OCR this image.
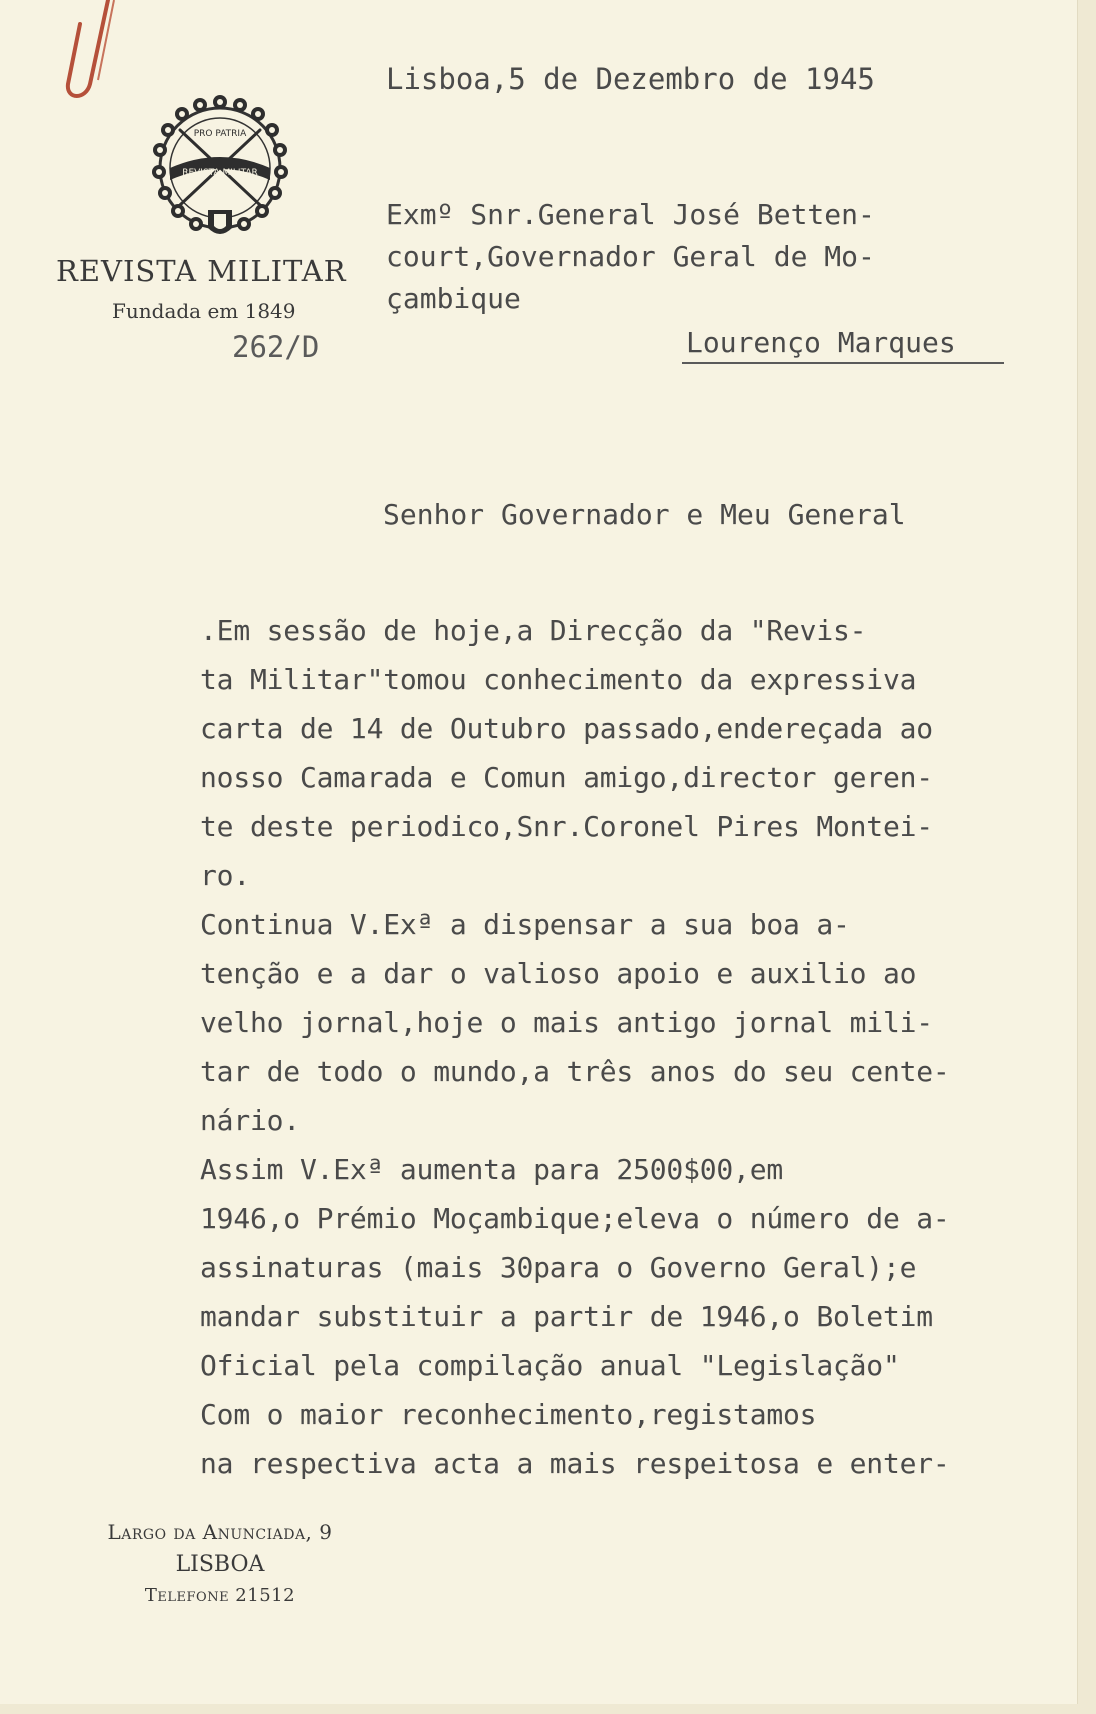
REVISTA MILITAR
PRO PATRIA
REVISTA MILITAR
Fundada em 1849
262/D
Lisboa,5 de Dezembro de 1945
Exmº Snr.General José Betten-
court,Governador Geral de Mo-
çambique
Lourenço Marques
Senhor Governador e Meu General
.Em sessão de hoje,a Direcção da "Revis-
ta Militar"tomou conhecimento da expressiva
carta de 14 de Outubro passado,endereçada ao
nosso Camarada e Comun amigo,director geren-
te deste periodico,Snr.Coronel Pires Montei-
ro.
Continua V.Exª a dispensar a sua boa a-
tenção e a dar o valioso apoio e auxilio ao
velho jornal,hoje o mais antigo jornal mili-
tar de todo o mundo,a três anos do seu cente-
nário.
Assim V.Exª aumenta para 2500$00,em
1946,o Prémio Moçambique;eleva o número de a-
assinaturas (mais 30para o Governo Geral);e
mandar substituir a partir de 1946,o Boletim
Oficial pela compilação anual "Legislação"
Com o maior reconhecimento,registamos
na respectiva acta a mais respeitosa e enter-
Largo da Anunciada, 9
LISBOA
Telefone 21512
